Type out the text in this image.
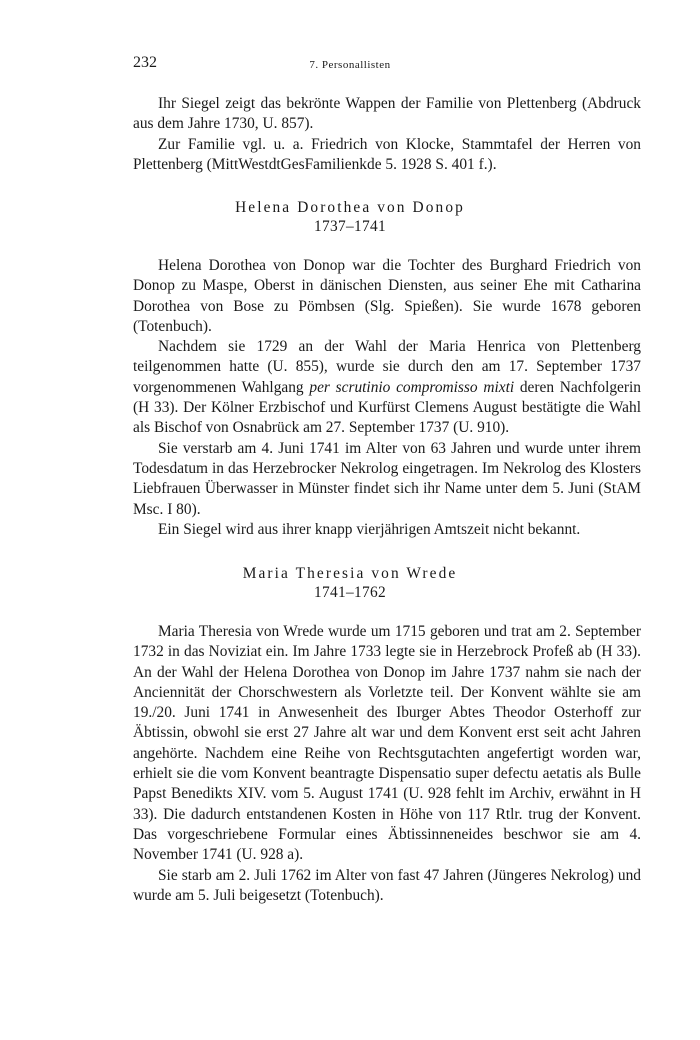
232	7. Personallisten

Ihr Siegel zeigt das bekrönte Wappen der Familie von Plettenberg (Abdruck aus dem Jahre 1730, U. 857).

Zur Familie vgl. u. a. Friedrich von Klocke, Stammtafel der Herren von Plettenberg (MittWestdtGesFamilienkde 5. 1928 S. 401 f.).

Helena Dorothea von Donop
1737–1741

Helena Dorothea von Donop war die Tochter des Burghard Friedrich von Donop zu Maspe, Oberst in dänischen Diensten, aus seiner Ehe mit Catharina Dorothea von Bose zu Pömbsen (Slg. Spießen). Sie wurde 1678 geboren (Totenbuch).

Nachdem sie 1729 an der Wahl der Maria Henrica von Plettenberg teilgenommen hatte (U. 855), wurde sie durch den am 17. September 1737 vorgenommenen Wahlgang per scrutinio compromisso mixti deren Nachfolgerin (H 33). Der Kölner Erzbischof und Kurfürst Clemens August bestätigte die Wahl als Bischof von Osnabrück am 27. September 1737 (U. 910).

Sie verstarb am 4. Juni 1741 im Alter von 63 Jahren und wurde unter ihrem Todesdatum in das Herzebrocker Nekrolog eingetragen. Im Nekrolog des Klosters Liebfrauen Überwasser in Münster findet sich ihr Name unter dem 5. Juni (StAM Msc. I 80).

Ein Siegel wird aus ihrer knapp vierjährigen Amtszeit nicht bekannt.

Maria Theresia von Wrede
1741–1762

Maria Theresia von Wrede wurde um 1715 geboren und trat am 2. September 1732 in das Noviziat ein. Im Jahre 1733 legte sie in Herzebrock Profeß ab (H 33). An der Wahl der Helena Dorothea von Donop im Jahre 1737 nahm sie nach der Anciennität der Chorschwestern als Vorletzte teil. Der Konvent wählte sie am 19./20. Juni 1741 in Anwesenheit des Iburger Abtes Theodor Osterhoff zur Äbtissin, obwohl sie erst 27 Jahre alt war und dem Konvent erst seit acht Jahren angehörte. Nachdem eine Reihe von Rechtsgutachten angefertigt worden war, erhielt sie die vom Konvent beantragte Dispensatio super defectu aetatis als Bulle Papst Benedikts XIV. vom 5. August 1741 (U. 928 fehlt im Archiv, erwähnt in H 33). Die dadurch entstandenen Kosten in Höhe von 117 Rtlr. trug der Konvent. Das vorgeschriebene Formular eines Äbtissinneneides beschwor sie am 4. November 1741 (U. 928 a).

Sie starb am 2. Juli 1762 im Alter von fast 47 Jahren (Jüngeres Nekrolog) und wurde am 5. Juli beigesetzt (Totenbuch).
